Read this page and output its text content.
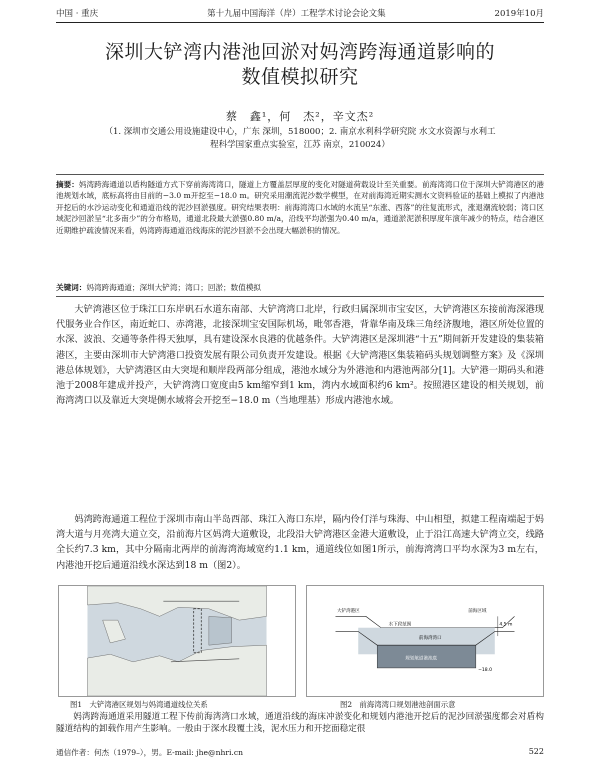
中国 · 重庆	第十九届中国海洋（岸）工程学术讨论会论文集	2019年10月
深圳大铲湾内港池回淤对妈湾跨海通道影响的
数值模拟研究
蔡　鑫¹，何　杰²，辛文杰²
（1. 深圳市交通公用设施建设中心，广东 深圳，518000；2. 南京水利科学研究院 水文水资源与水利工
程科学国家重点实验室，江苏 南京，210024）
摘要：妈湾跨海通道以盾构隧道方式下穿前海湾湾口，隧道上方覆盖层厚度的变化对隧道荷载设计至关重要。前海湾湾口位于深圳大铲湾港区的港池规划水域，底标高将由目前的−3.0 m开挖至−18.0 m。研究采用潮流泥沙数学模型，在对前海湾近期实测水文资料验证的基础上模拟了内港池开挖后的水沙运动变化和通道沿线的泥沙回淤强度。研究结果表明：前海湾湾口水域的水流呈“东涨、西落”的往复流形式，涨退潮流较弱；湾口区域泥沙回淤呈“北多南少”的分布格局，通道北段最大淤强0.80 m/a，沿线平均淤强为0.40 m/a，通道淤泥淤积厚度年演年减少的特点，结合港区近期维护疏浚情况来看，妈湾跨海通道沿线海床的泥沙回淤不会出现大幅淤积的情况。
关键词：妈湾跨海通道；深圳大铲湾；湾口；回淤；数值模拟
大铲湾港区位于珠江口东岸矾石水道东南部、大铲湾湾口北岸，行政归属深圳市宝安区，大铲湾港区东接前海深港现代服务业合作区，南近蛇口、赤湾港，北接深圳宝安国际机场，毗邻香港，背靠华南及珠三角经济腹地，港区所处位置的水深、波浪、交通等条件得天独厚，具有建设深水良港的优越条件。大铲湾港区是深圳港“十五”期间新开发建设的集装箱港区，主要由深圳市大铲湾港口投资发展有限公司负责开发建设。根据《大铲湾港区集装箱码头规划调整方案》及《深圳港总体规划》，大铲湾港区由大突堤和顺岸段两部分组成，港池水域分为外港池和内港池两部分[1]。大铲港一期码头和港池于2008年建成并投产，大铲湾湾口宽度由5 km缩窄到1 km，湾内水域面积约6 km²。按照港区建设的相关规划，前海湾湾口以及靠近大突堤侧水域将会开挖至−18.0 m（当地理基）形成内港池水域。
妈湾跨海通道工程位于深圳市南山半岛西部、珠江入海口东岸，隔内伶仃洋与珠海、中山相望，拟建工程南端起于妈湾大道与月亮湾大道立交，沿前海片区妈湾大道敷设，北段沿大铲湾港区金港大道敷设，止于沿江高速大铲湾立交，线路全长约7.3 km，其中分隔南北两岸的前海湾海域宽约1.1 km，通道线位如图1所示，前海湾湾口平均水深为3 m左右，内港池开挖后通道沿线水深达到18 m（图2）。
图1　大铲湾港区规划与妈湾通道线位关系
大铲湾港区
水下段范围
前海湾湾口
前海区域
规划航道港池底
−18.0
4.5 m
图2　前海湾湾口规划港池剖面示意
妈湾跨海通道采用隧道工程下传前海湾湾口水域，通道沿线的海床冲淤变化和规划内港池开挖后的泥沙回淤强度都会对盾构隧道结构的卸载作用产生影响。一般由于深水段覆土浅，泥水压力和开挖面稳定很
通信作者：何杰（1979–），男。E-mail: jhe@nhri.cn	522
